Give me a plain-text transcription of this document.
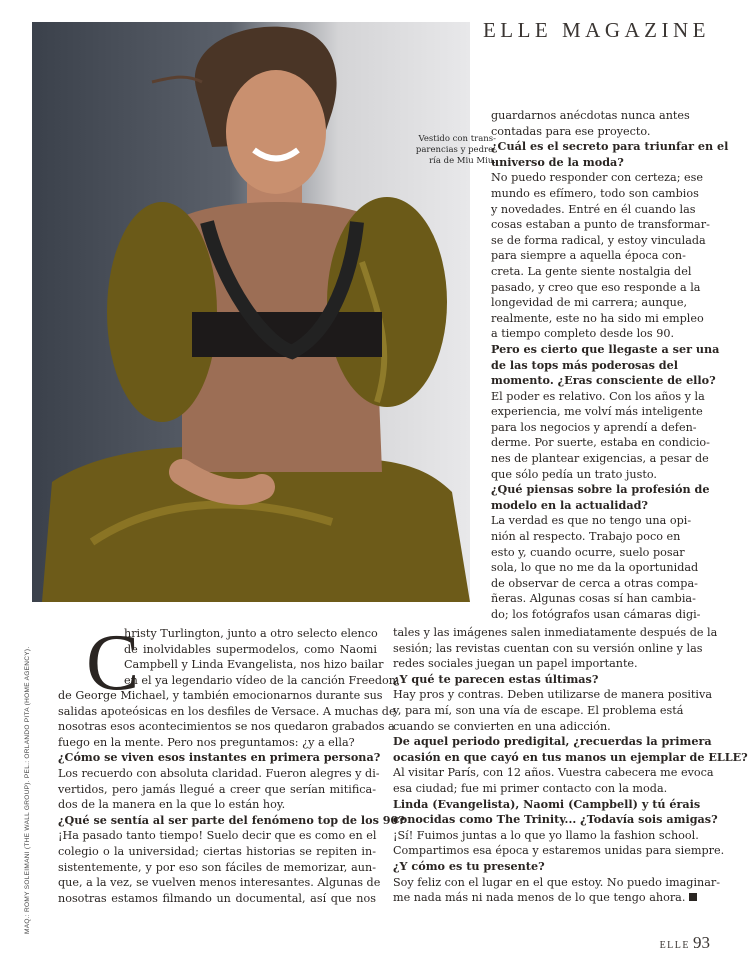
ELLE MAGAZINE
Vestido con trans-
parencias y pedre-
ría de Miu Miu.
MAQ.: ROMY SOLEIMANI (THE WALL GROUP). PEL.: ORLANDO PITA (HOME AGENCY). C

hristy Turlington, junto a otro selecto elenco

de inolvidables supermodelos, como Naomi

Campbell y Linda Evangelista, nos hizo bailar

en el ya legendario vídeo de la canción Freedom

de George Michael, y también emocionarnos durante sus

salidas apoteósicas en los desfiles de Versace. A muchas de

nosotras esos acontecimientos se nos quedaron grabados a

fuego en la mente. Pero nos preguntamos: ¿y a ella?

¿Cómo se viven esos instantes en primera persona?

Los recuerdo con absoluta claridad. Fueron alegres y di-

vertidos, pero jamás llegué a creer que serían mitifica-

dos de la manera en la que lo están hoy.

¿Qué se sentía al ser parte del fenómeno top de los 90?

¡Ha pasado tanto tiempo! Suelo decir que es como en el

colegio o la universidad; ciertas historias se repiten in-

sistentemente, y por eso son fáciles de memorizar, aun-

que, a la vez, se vuelven menos interesantes. Algunas de

nosotras estamos filmando un documental, así que nos

guardarnos anécdotas nunca antes

contadas para ese proyecto.

¿Cuál es el secreto para triunfar en el

universo de la moda?

No puedo responder con certeza; ese

mundo es efímero, todo son cambios

y novedades. Entré en él cuando las

cosas estaban a punto de transformar-

se de forma radical, y estoy vinculada

para siempre a aquella época con-

creta. La gente siente nostalgia del

pasado, y creo que eso responde a la

longevidad de mi carrera; aunque,

realmente, este no ha sido mi empleo

a tiempo completo desde los 90.

Pero es cierto que llegaste a ser una

de las tops más poderosas del

momento. ¿Eras consciente de ello?

El poder es relativo. Con los años y la

experiencia, me volví más inteligente

para los negocios y aprendí a defen-

derme. Por suerte, estaba en condicio-

nes de plantear exigencias, a pesar de

que sólo pedía un trato justo.

¿Qué piensas sobre la profesión de

modelo en la actualidad?

La verdad es que no tengo una opi-

nión al respecto. Trabajo poco en

esto y, cuando ocurre, suelo posar

sola, lo que no me da la oportunidad

de observar de cerca a otras compa-

ñeras. Algunas cosas sí han cambia-

do; los fotógrafos usan cámaras digi-

tales y las imágenes salen inmediatamente después de la

sesión; las revistas cuentan con su versión online y las

redes sociales juegan un papel importante.

¿Y qué te parecen estas últimas?

Hay pros y contras. Deben utilizarse de manera positiva

y, para mí, son una vía de escape. El problema está

cuando se convierten en una adicción.

De aquel periodo predigital, ¿recuerdas la primera

ocasión en que cayó en tus manos un ejemplar de ELLE?

Al visitar París, con 12 años. Vuestra cabecera me evoca

esa ciudad; fue mi primer contacto con la moda.

Linda (Evangelista), Naomi (Campbell) y tú érais

conocidas como The Trinity... ¿Todavía sois amigas?

¡Sí! Fuimos juntas a lo que yo llamo la fashion school.

Compartimos esa época y estaremos unidas para siempre.

¿Y cómo es tu presente?

Soy feliz con el lugar en el que estoy. No puedo imaginar-

me nada más ni nada menos de lo que tengo ahora.

ELLE 93
